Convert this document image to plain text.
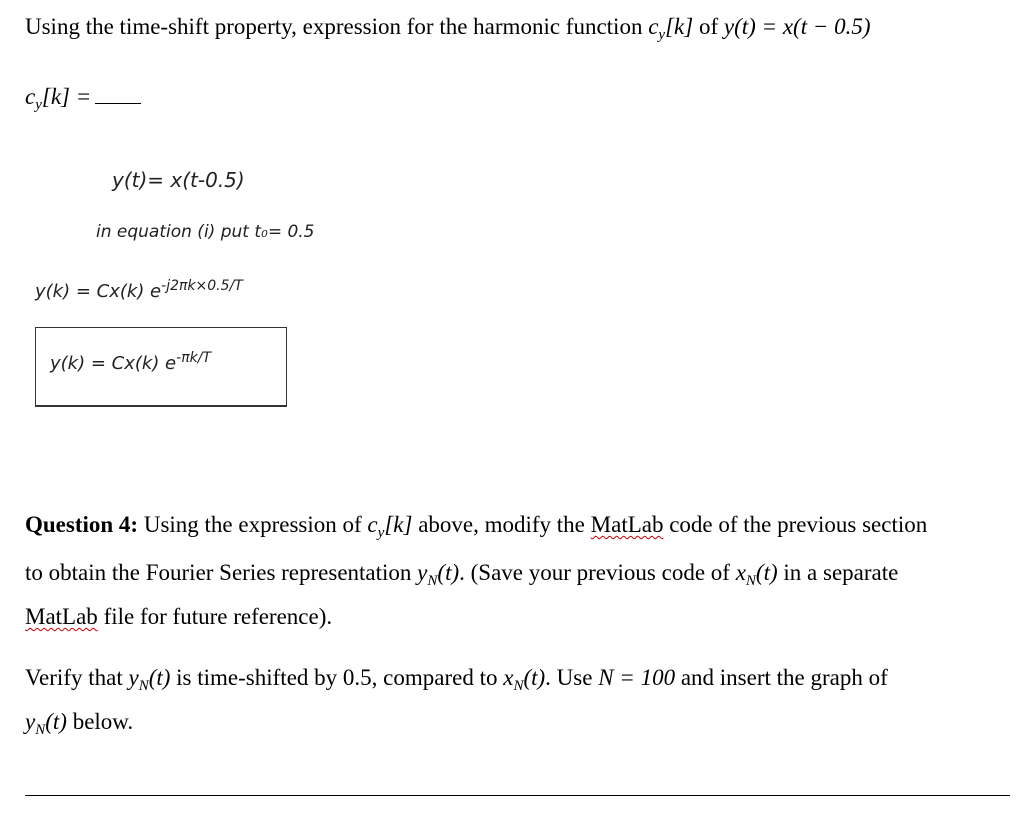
Using the time-shift property, expression for the harmonic function $c_y[k]$ of y(t) = x(t − 0.5)
$c_y[k]$ =
y(t)= x(t-0.5)
in equation (i) put t₀= 0.5
y(k) = Cx(k) $e^{-j2\pi k\times 0.5/T}$
y(k) = Cx(k) $e^{-\pi k/T}$
Question 4: Using the expression of $c_y[k]$ above, modify the MatLab code of the previous section
to obtain the Fourier Series representation $y_N(t)$. (Save your previous code of $x_N(t)$ in a separate
MatLab file for future reference).
Verify that $y_N(t)$ is time-shifted by 0.5, compared to $x_N(t)$. Use N = 100 and insert the graph of
$y_N(t)$ below.
